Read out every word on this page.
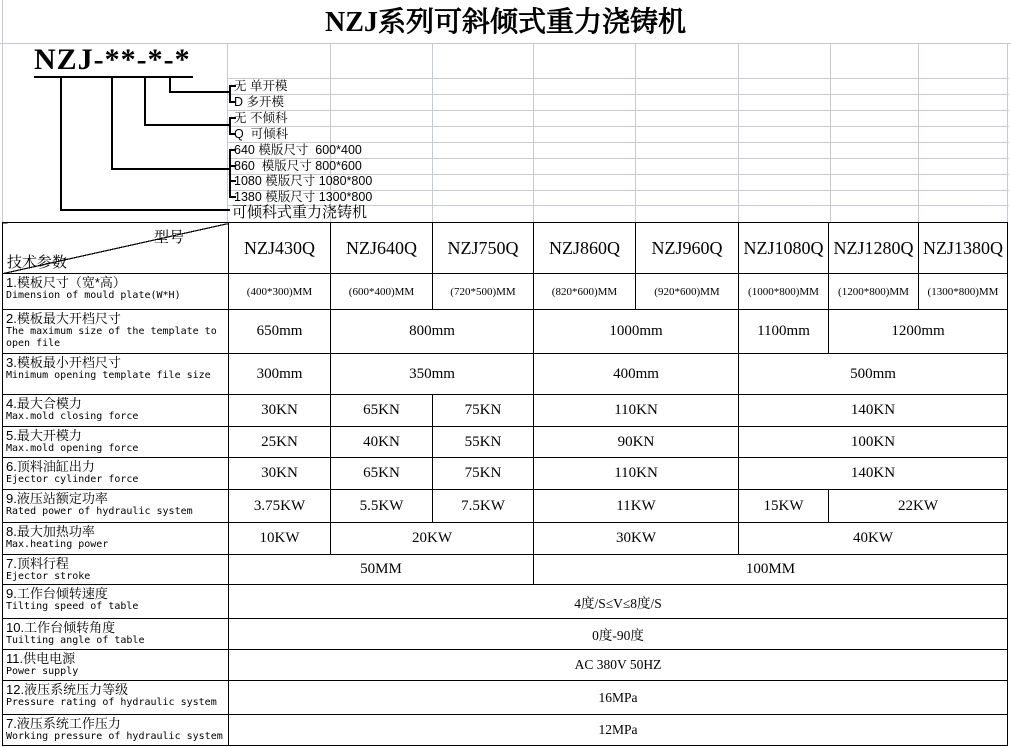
NZJ系列可斜倾式重力浇铸机
NZJ-**-*-*
无 单开模
D 多开模
无 不倾科
Q  可倾科
640 模版尺寸  600*400
860  模版尺寸 800*600
1080 模版尺寸 1080*800
1380 模版尺寸 1300*800
可倾科式重力浇铸机
型号
技术参数	NZJ430Q	NZJ640Q	NZJ750Q	NZJ860Q	NZJ960Q	NZJ1080Q	NZJ1280Q	NZJ1380Q

1.模板尺寸（宽*高）
Dimension of mould plate(W*H)	(400*300)MM	(600*400)MM	(720*500)MM	(820*600)MM	(920*600)MM	(1000*800)MM	(1200*800)MM	(1300*800)MM

2.模板最大开档尺寸
The maximum size of the template to open file	650mm	800mm		1000mm		1100mm	1200mm	

3.模板最小开档尺寸
Minimum opening template file size	300mm	350mm		400mm		500mm		

4.最大合模力
Max.mold closing force	30KN	65KN	75KN	110KN		140KN		

5.最大开模力
Max.mold opening force	25KN	40KN	55KN	90KN		100KN		

6.顶料油缸出力
Ejector cylinder force	30KN	65KN	75KN	110KN		140KN		

9.液压站额定功率
Rated power of hydraulic system	3.75KW	5.5KW	7.5KW	11KW		15KW	22KW	

8.最大加热功率
Max.heating power	10KW	20KW		30KW		40KW		

7.顶料行程
Ejector stroke	50MM			100MM				

9.工作台倾转速度
Tilting speed of table	4度/S≤V≤8度/S							

10.工作台倾转角度
Tuilting angle of table	0度-90度							

11.供电电源
Power supply	AC 380V 50HZ							

12.液压系统压力等级
Pressure rating of hydraulic system	16MPa							

7.液压系统工作压力
Working pressure of hydraulic system	12MPa							
